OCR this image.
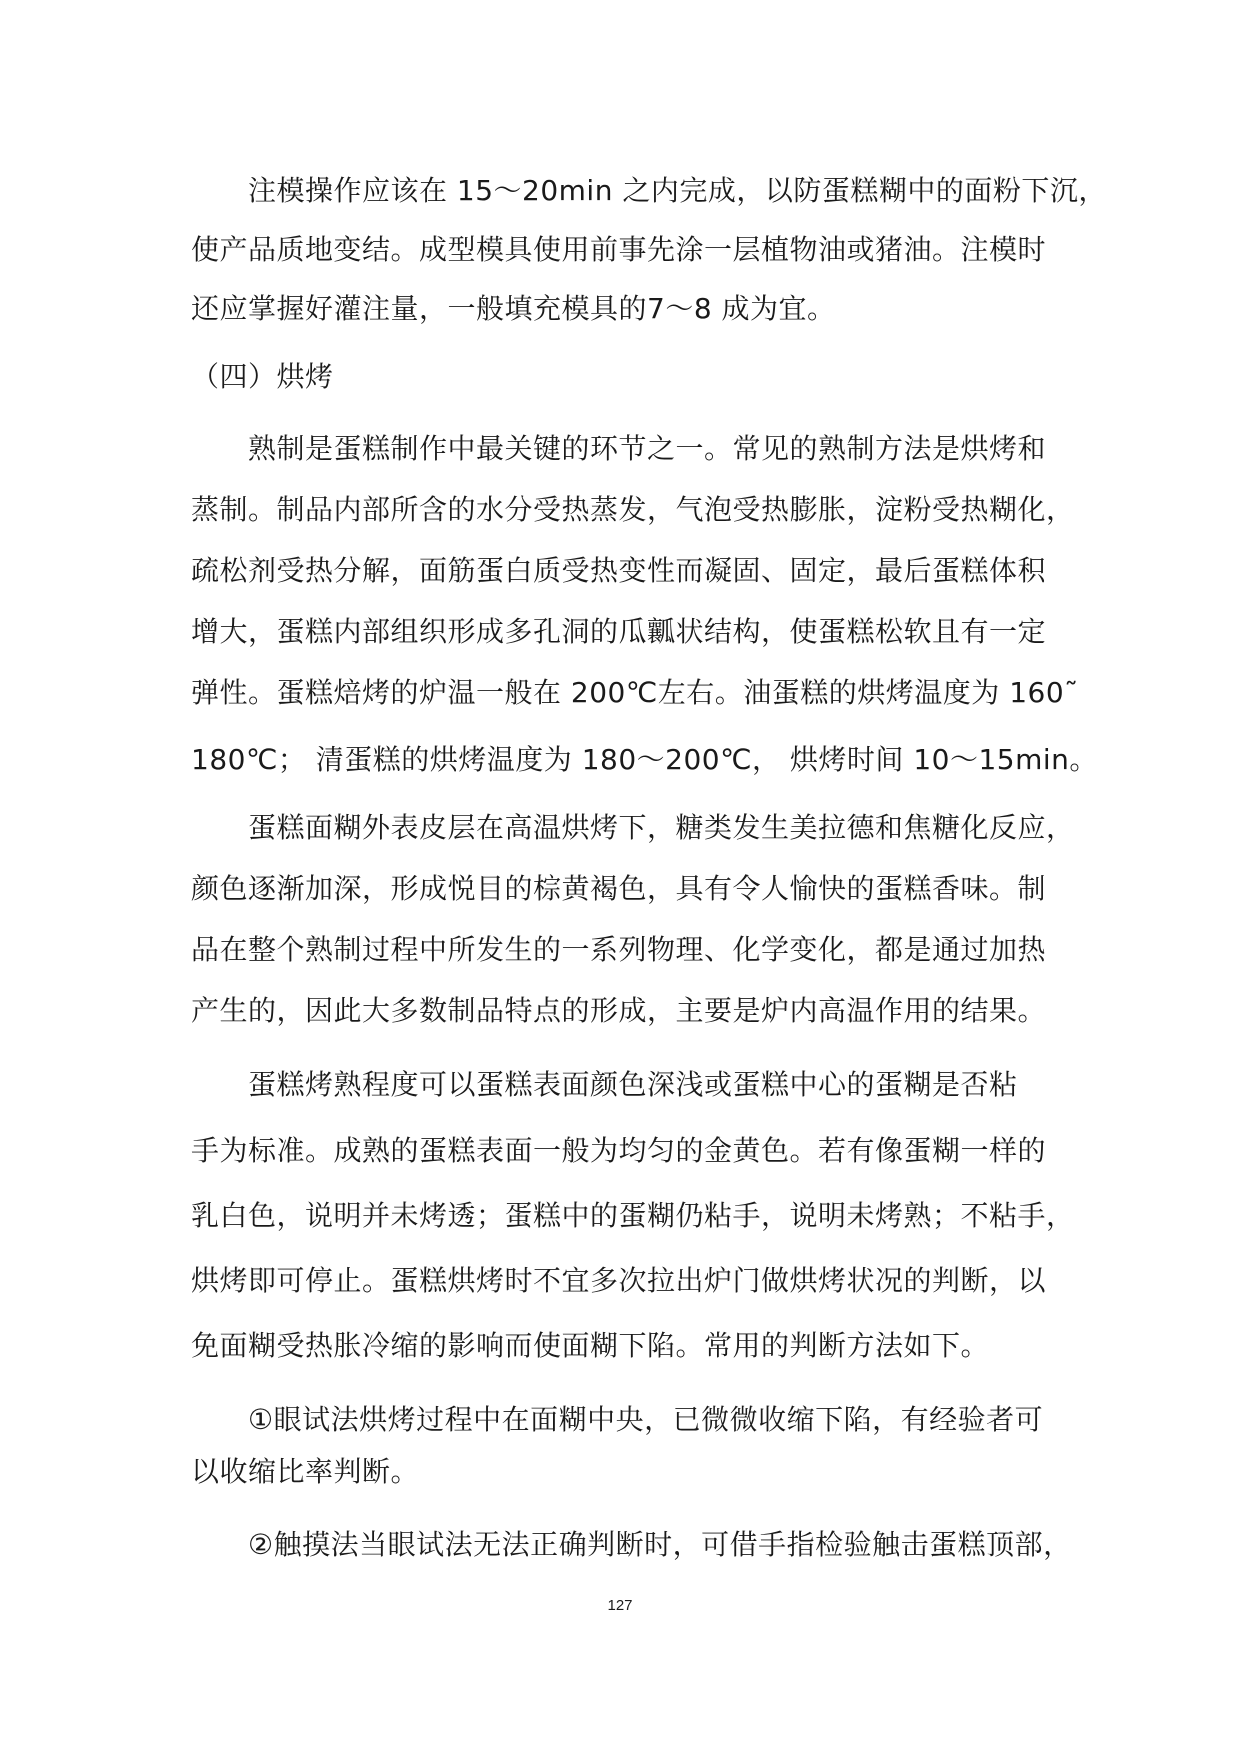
注模操作应该在 15～20min 之内完成，以防蛋糕糊中的面粉下沉，

使产品质地变结。成型模具使用前事先涂一层植物油或猪油。注模时

还应掌握好灌注量，一般填充模具的7～8 成为宜。

（四）烘烤

熟制是蛋糕制作中最关键的环节之一。常见的熟制方法是烘烤和

蒸制。制品内部所含的水分受热蒸发，气泡受热膨胀，淀粉受热糊化，

疏松剂受热分解，面筋蛋白质受热变性而凝固、固定，最后蛋糕体积

增大，蛋糕内部组织形成多孔洞的瓜瓤状结构，使蛋糕松软且有一定

弹性。蛋糕焙烤的炉温一般在 200℃左右。油蛋糕的烘烤温度为 160˜

180℃； 清蛋糕的烘烤温度为 180～200℃， 烘烤时间 10～15min。

蛋糕面糊外表皮层在高温烘烤下，糖类发生美拉德和焦糖化反应，

颜色逐渐加深，形成悦目的棕黄褐色，具有令人愉快的蛋糕香味。制

品在整个熟制过程中所发生的一系列物理、化学变化，都是通过加热

产生的，因此大多数制品特点的形成，主要是炉内高温作用的结果。

蛋糕烤熟程度可以蛋糕表面颜色深浅或蛋糕中心的蛋糊是否粘

手为标准。成熟的蛋糕表面一般为均匀的金黄色。若有像蛋糊一样的

乳白色，说明并未烤透；蛋糕中的蛋糊仍粘手，说明未烤熟；不粘手，

烘烤即可停止。蛋糕烘烤时不宜多次拉出炉门做烘烤状况的判断，以

免面糊受热胀冷缩的影响而使面糊下陷。常用的判断方法如下。

①眼试法烘烤过程中在面糊中央，已微微收缩下陷，有经验者可

以收缩比率判断。

②触摸法当眼试法无法正确判断时，可借手指检验触击蛋糕顶部，

127
